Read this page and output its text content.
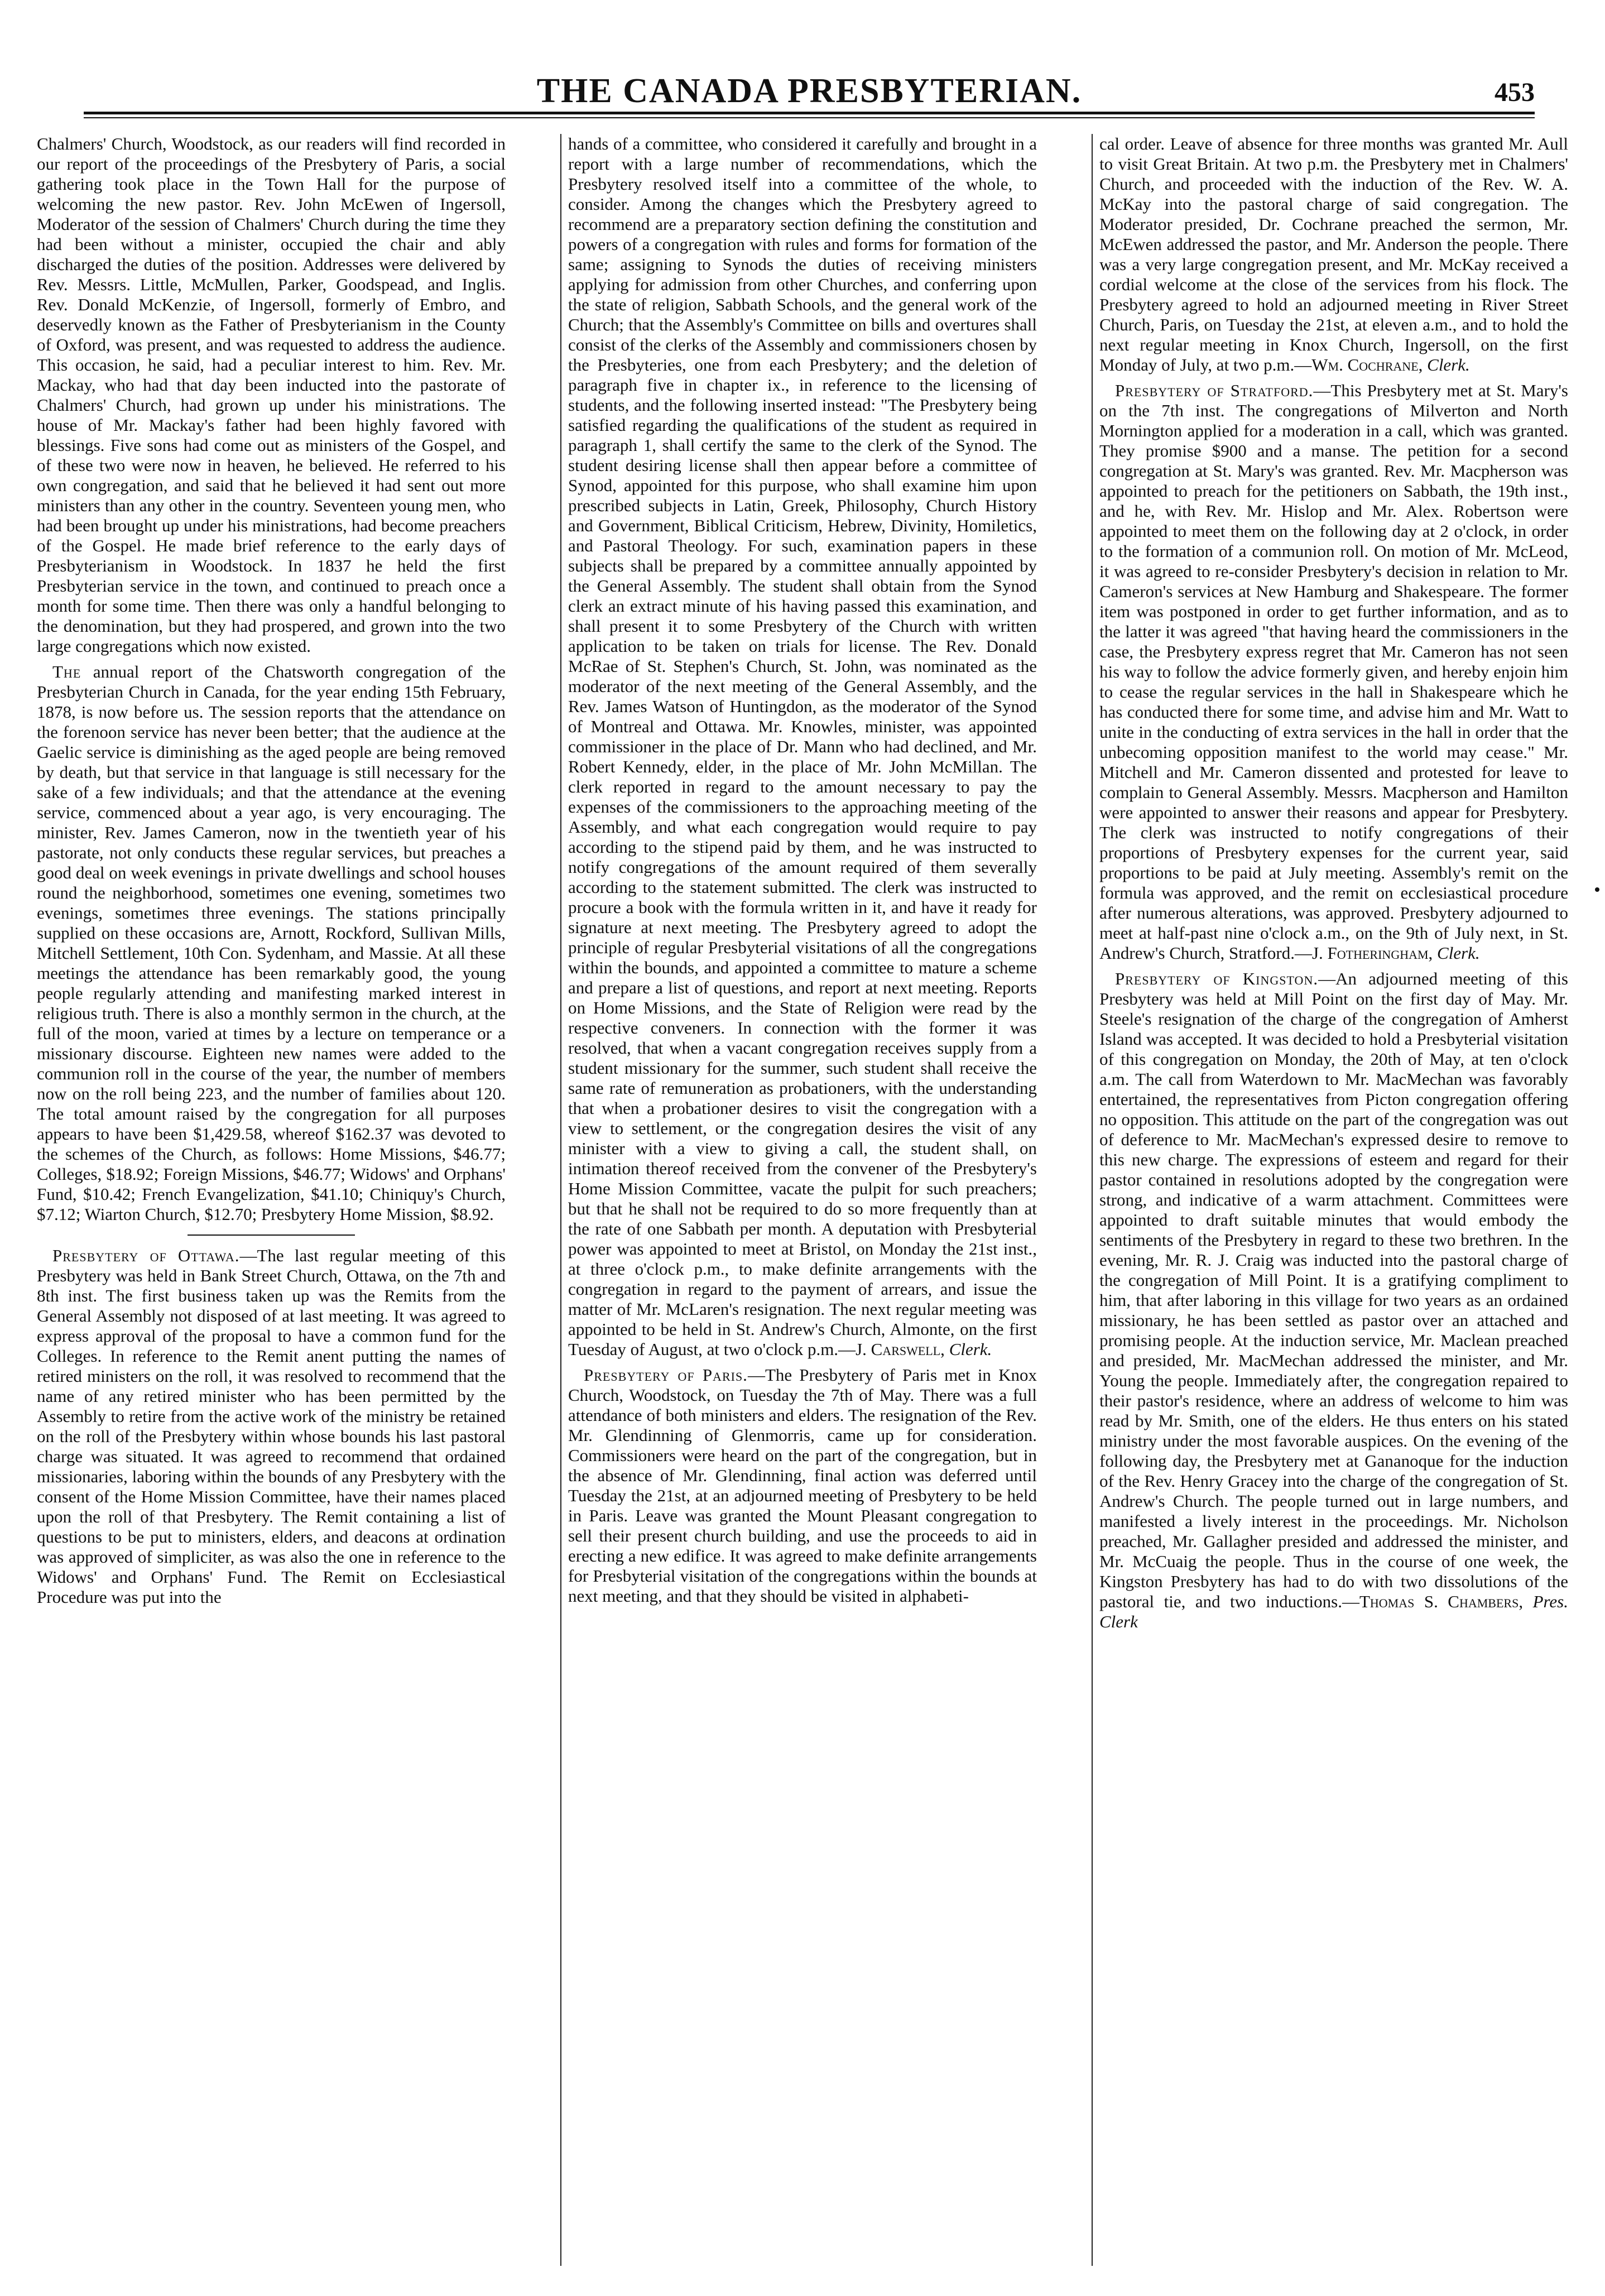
THE CANADA PRESBYTERIAN.	453

Chalmers' Church, Woodstock, as our readers will find recorded in our report of the proceedings of the Presbytery of Paris, a social gathering took place in the Town Hall for the purpose of welcoming the new pastor. Rev. John McEwen of Ingersoll, Moderator of the session of Chalmers' Church during the time they had been without a minister, occupied the chair and ably discharged the duties of the position. Addresses were delivered by Rev. Messrs. Little, McMullen, Parker, Goodspead, and Inglis. Rev. Donald McKenzie, of Ingersoll, formerly of Embro, and deservedly known as the Father of Presbyterianism in the County of Oxford, was present, and was requested to address the audience. This occasion, he said, had a peculiar interest to him. Rev. Mr. Mackay, who had that day been inducted into the pastorate of Chalmers' Church, had grown up under his ministrations. The house of Mr. Mackay's father had been highly favored with blessings. Five sons had come out as ministers of the Gospel, and of these two were now in heaven, he believed. He referred to his own congregation, and said that he believed it had sent out more ministers than any other in the country. Seventeen young men, who had been brought up under his ministrations, had become preachers of the Gospel. He made brief reference to the early days of Presbyterianism in Woodstock. In 1837 he held the first Presbyterian service in the town, and continued to preach once a month for some time. Then there was only a handful belonging to the denomination, but they had prospered, and grown into the two large congregations which now existed.

The annual report of the Chatsworth congregation of the Presbyterian Church in Canada, for the year ending 15th February, 1878, is now before us. The session reports that the attendance on the forenoon service has never been better; that the audience at the Gaelic service is diminishing as the aged people are being removed by death, but that service in that language is still necessary for the sake of a few individuals; and that the attendance at the evening service, commenced about a year ago, is very encouraging. The minister, Rev. James Cameron, now in the twentieth year of his pastorate, not only conducts these regular services, but preaches a good deal on week evenings in private dwellings and school houses round the neighborhood, sometimes one evening, sometimes two evenings, sometimes three evenings. The stations principally supplied on these occasions are, Arnott, Rockford, Sullivan Mills, Mitchell Settlement, 10th Con. Sydenham, and Massie. At all these meetings the attendance has been remarkably good, the young people regularly attending and manifesting marked interest in religious truth. There is also a monthly sermon in the church, at the full of the moon, varied at times by a lecture on temperance or a missionary discourse. Eighteen new names were added to the communion roll in the course of the year, the number of members now on the roll being 223, and the number of families about 120. The total amount raised by the congregation for all purposes appears to have been $1,429.58, whereof $162.37 was devoted to the schemes of the Church, as follows: Home Missions, $46.77; Colleges, $18.92; Foreign Missions, $46.77; Widows' and Orphans' Fund, $10.42; French Evangelization, $41.10; Chiniquy's Church, $7.12; Wiarton Church, $12.70; Presbytery Home Mission, $8.92.

Presbytery of Ottawa.—The last regular meeting of this Presbytery was held in Bank Street Church, Ottawa, on the 7th and 8th inst. The first business taken up was the Remits from the General Assembly not disposed of at last meeting. It was agreed to express approval of the proposal to have a common fund for the Colleges. In reference to the Remit anent putting the names of retired ministers on the roll, it was resolved to recommend that the name of any retired minister who has been permitted by the Assembly to retire from the active work of the ministry be retained on the roll of the Presbytery within whose bounds his last pastoral charge was situated. It was agreed to recommend that ordained missionaries, laboring within the bounds of any Presbytery with the consent of the Home Mission Committee, have their names placed upon the roll of that Presbytery. The Remit containing a list of questions to be put to ministers, elders, and deacons at ordination was approved of simpliciter, as was also the one in reference to the Widows' and Orphans' Fund. The Remit on Ecclesiastical Procedure was put into the

hands of a committee, who considered it carefully and brought in a report with a large number of recommendations, which the Presbytery resolved itself into a committee of the whole, to consider. Among the changes which the Presbytery agreed to recommend are a preparatory section defining the constitution and powers of a congregation with rules and forms for formation of the same; assigning to Synods the duties of receiving ministers applying for admission from other Churches, and conferring upon the state of religion, Sabbath Schools, and the general work of the Church; that the Assembly's Committee on bills and overtures shall consist of the clerks of the Assembly and commissioners chosen by the Presbyteries, one from each Presbytery; and the deletion of paragraph five in chapter ix., in reference to the licensing of students, and the following inserted instead: "The Presbytery being satisfied regarding the qualifications of the student as required in paragraph 1, shall certify the same to the clerk of the Synod. The student desiring license shall then appear before a committee of Synod, appointed for this purpose, who shall examine him upon prescribed subjects in Latin, Greek, Philosophy, Church History and Government, Biblical Criticism, Hebrew, Divinity, Homiletics, and Pastoral Theology. For such, examination papers in these subjects shall be prepared by a committee annually appointed by the General Assembly. The student shall obtain from the Synod clerk an extract minute of his having passed this examination, and shall present it to some Presbytery of the Church with written application to be taken on trials for license. The Rev. Donald McRae of St. Stephen's Church, St. John, was nominated as the moderator of the next meeting of the General Assembly, and the Rev. James Watson of Huntingdon, as the moderator of the Synod of Montreal and Ottawa. Mr. Knowles, minister, was appointed commissioner in the place of Dr. Mann who had declined, and Mr. Robert Kennedy, elder, in the place of Mr. John McMillan. The clerk reported in regard to the amount necessary to pay the expenses of the commissioners to the approaching meeting of the Assembly, and what each congregation would require to pay according to the stipend paid by them, and he was instructed to notify congregations of the amount required of them severally according to the statement submitted. The clerk was instructed to procure a book with the formula written in it, and have it ready for signature at next meeting. The Presbytery agreed to adopt the principle of regular Presbyterial visitations of all the congregations within the bounds, and appointed a committee to mature a scheme and prepare a list of questions, and report at next meeting. Reports on Home Missions, and the State of Religion were read by the respective conveners. In connection with the former it was resolved, that when a vacant congregation receives supply from a student missionary for the summer, such student shall receive the same rate of remuneration as probationers, with the understanding that when a probationer desires to visit the congregation with a view to settlement, or the congregation desires the visit of any minister with a view to giving a call, the student shall, on intimation thereof received from the convener of the Presbytery's Home Mission Committee, vacate the pulpit for such preachers; but that he shall not be required to do so more frequently than at the rate of one Sabbath per month. A deputation with Presbyterial power was appointed to meet at Bristol, on Monday the 21st inst., at three o'clock p.m., to make definite arrangements with the congregation in regard to the payment of arrears, and issue the matter of Mr. McLaren's resignation. The next regular meeting was appointed to be held in St. Andrew's Church, Almonte, on the first Tuesday of August, at two o'clock p.m.—J. Carswell, Clerk.

Presbytery of Paris.—The Presbytery of Paris met in Knox Church, Woodstock, on Tuesday the 7th of May. There was a full attendance of both ministers and elders. The resignation of the Rev. Mr. Glendinning of Glenmorris, came up for consideration. Commissioners were heard on the part of the congregation, but in the absence of Mr. Glendinning, final action was deferred until Tuesday the 21st, at an adjourned meeting of Presbytery to be held in Paris. Leave was granted the Mount Pleasant congregation to sell their present church building, and use the proceeds to aid in erecting a new edifice. It was agreed to make definite arrangements for Presbyterial visitation of the congregations within the bounds at next meeting, and that they should be visited in alphabeti-

cal order. Leave of absence for three months was granted Mr. Aull to visit Great Britain. At two p.m. the Presbytery met in Chalmers' Church, and proceeded with the induction of the Rev. W. A. McKay into the pastoral charge of said congregation. The Moderator presided, Dr. Cochrane preached the sermon, Mr. McEwen addressed the pastor, and Mr. Anderson the people. There was a very large congregation present, and Mr. McKay received a cordial welcome at the close of the services from his flock. The Presbytery agreed to hold an adjourned meeting in River Street Church, Paris, on Tuesday the 21st, at eleven a.m., and to hold the next regular meeting in Knox Church, Ingersoll, on the first Monday of July, at two p.m.—Wm. Cochrane, Clerk.

Presbytery of Stratford.—This Presbytery met at St. Mary's on the 7th inst. The congregations of Milverton and North Mornington applied for a moderation in a call, which was granted. They promise $900 and a manse. The petition for a second congregation at St. Mary's was granted. Rev. Mr. Macpherson was appointed to preach for the petitioners on Sabbath, the 19th inst., and he, with Rev. Mr. Hislop and Mr. Alex. Robertson were appointed to meet them on the following day at 2 o'clock, in order to the formation of a communion roll. On motion of Mr. McLeod, it was agreed to re-consider Presbytery's decision in relation to Mr. Cameron's services at New Hamburg and Shakespeare. The former item was postponed in order to get further information, and as to the latter it was agreed "that having heard the commissioners in the case, the Presbytery express regret that Mr. Cameron has not seen his way to follow the advice formerly given, and hereby enjoin him to cease the regular services in the hall in Shakespeare which he has conducted there for some time, and advise him and Mr. Watt to unite in the conducting of extra services in the hall in order that the unbecoming opposition manifest to the world may cease." Mr. Mitchell and Mr. Cameron dissented and protested for leave to complain to General Assembly. Messrs. Macpherson and Hamilton were appointed to answer their reasons and appear for Presbytery. The clerk was instructed to notify congregations of their proportions of Presbytery expenses for the current year, said proportions to be paid at July meeting. Assembly's remit on the formula was approved, and the remit on ecclesiastical procedure after numerous alterations, was approved. Presbytery adjourned to meet at half-past nine o'clock a.m., on the 9th of July next, in St. Andrew's Church, Stratford.—J. Fotheringham, Clerk.

Presbytery of Kingston.—An adjourned meeting of this Presbytery was held at Mill Point on the first day of May. Mr. Steele's resignation of the charge of the congregation of Amherst Island was accepted. It was decided to hold a Presbyterial visitation of this congregation on Monday, the 20th of May, at ten o'clock a.m. The call from Waterdown to Mr. MacMechan was favorably entertained, the representatives from Picton congregation offering no opposition. This attitude on the part of the congregation was out of deference to Mr. MacMechan's expressed desire to remove to this new charge. The expressions of esteem and regard for their pastor contained in resolutions adopted by the congregation were strong, and indicative of a warm attachment. Committees were appointed to draft suitable minutes that would embody the sentiments of the Presbytery in regard to these two brethren. In the evening, Mr. R. J. Craig was inducted into the pastoral charge of the congregation of Mill Point. It is a gratifying compliment to him, that after laboring in this village for two years as an ordained missionary, he has been settled as pastor over an attached and promising people. At the induction service, Mr. Maclean preached and presided, Mr. MacMechan addressed the minister, and Mr. Young the people. Immediately after, the congregation repaired to their pastor's residence, where an address of welcome to him was read by Mr. Smith, one of the elders. He thus enters on his stated ministry under the most favorable auspices. On the evening of the following day, the Presbytery met at Gananoque for the induction of the Rev. Henry Gracey into the charge of the congregation of St. Andrew's Church. The people turned out in large numbers, and manifested a lively interest in the proceedings. Mr. Nicholson preached, Mr. Gallagher presided and addressed the minister, and Mr. McCuaig the people. Thus in the course of one week, the Kingston Presbytery has had to do with two dissolutions of the pastoral tie, and two inductions.—Thomas S. Chambers, Pres. Clerk
